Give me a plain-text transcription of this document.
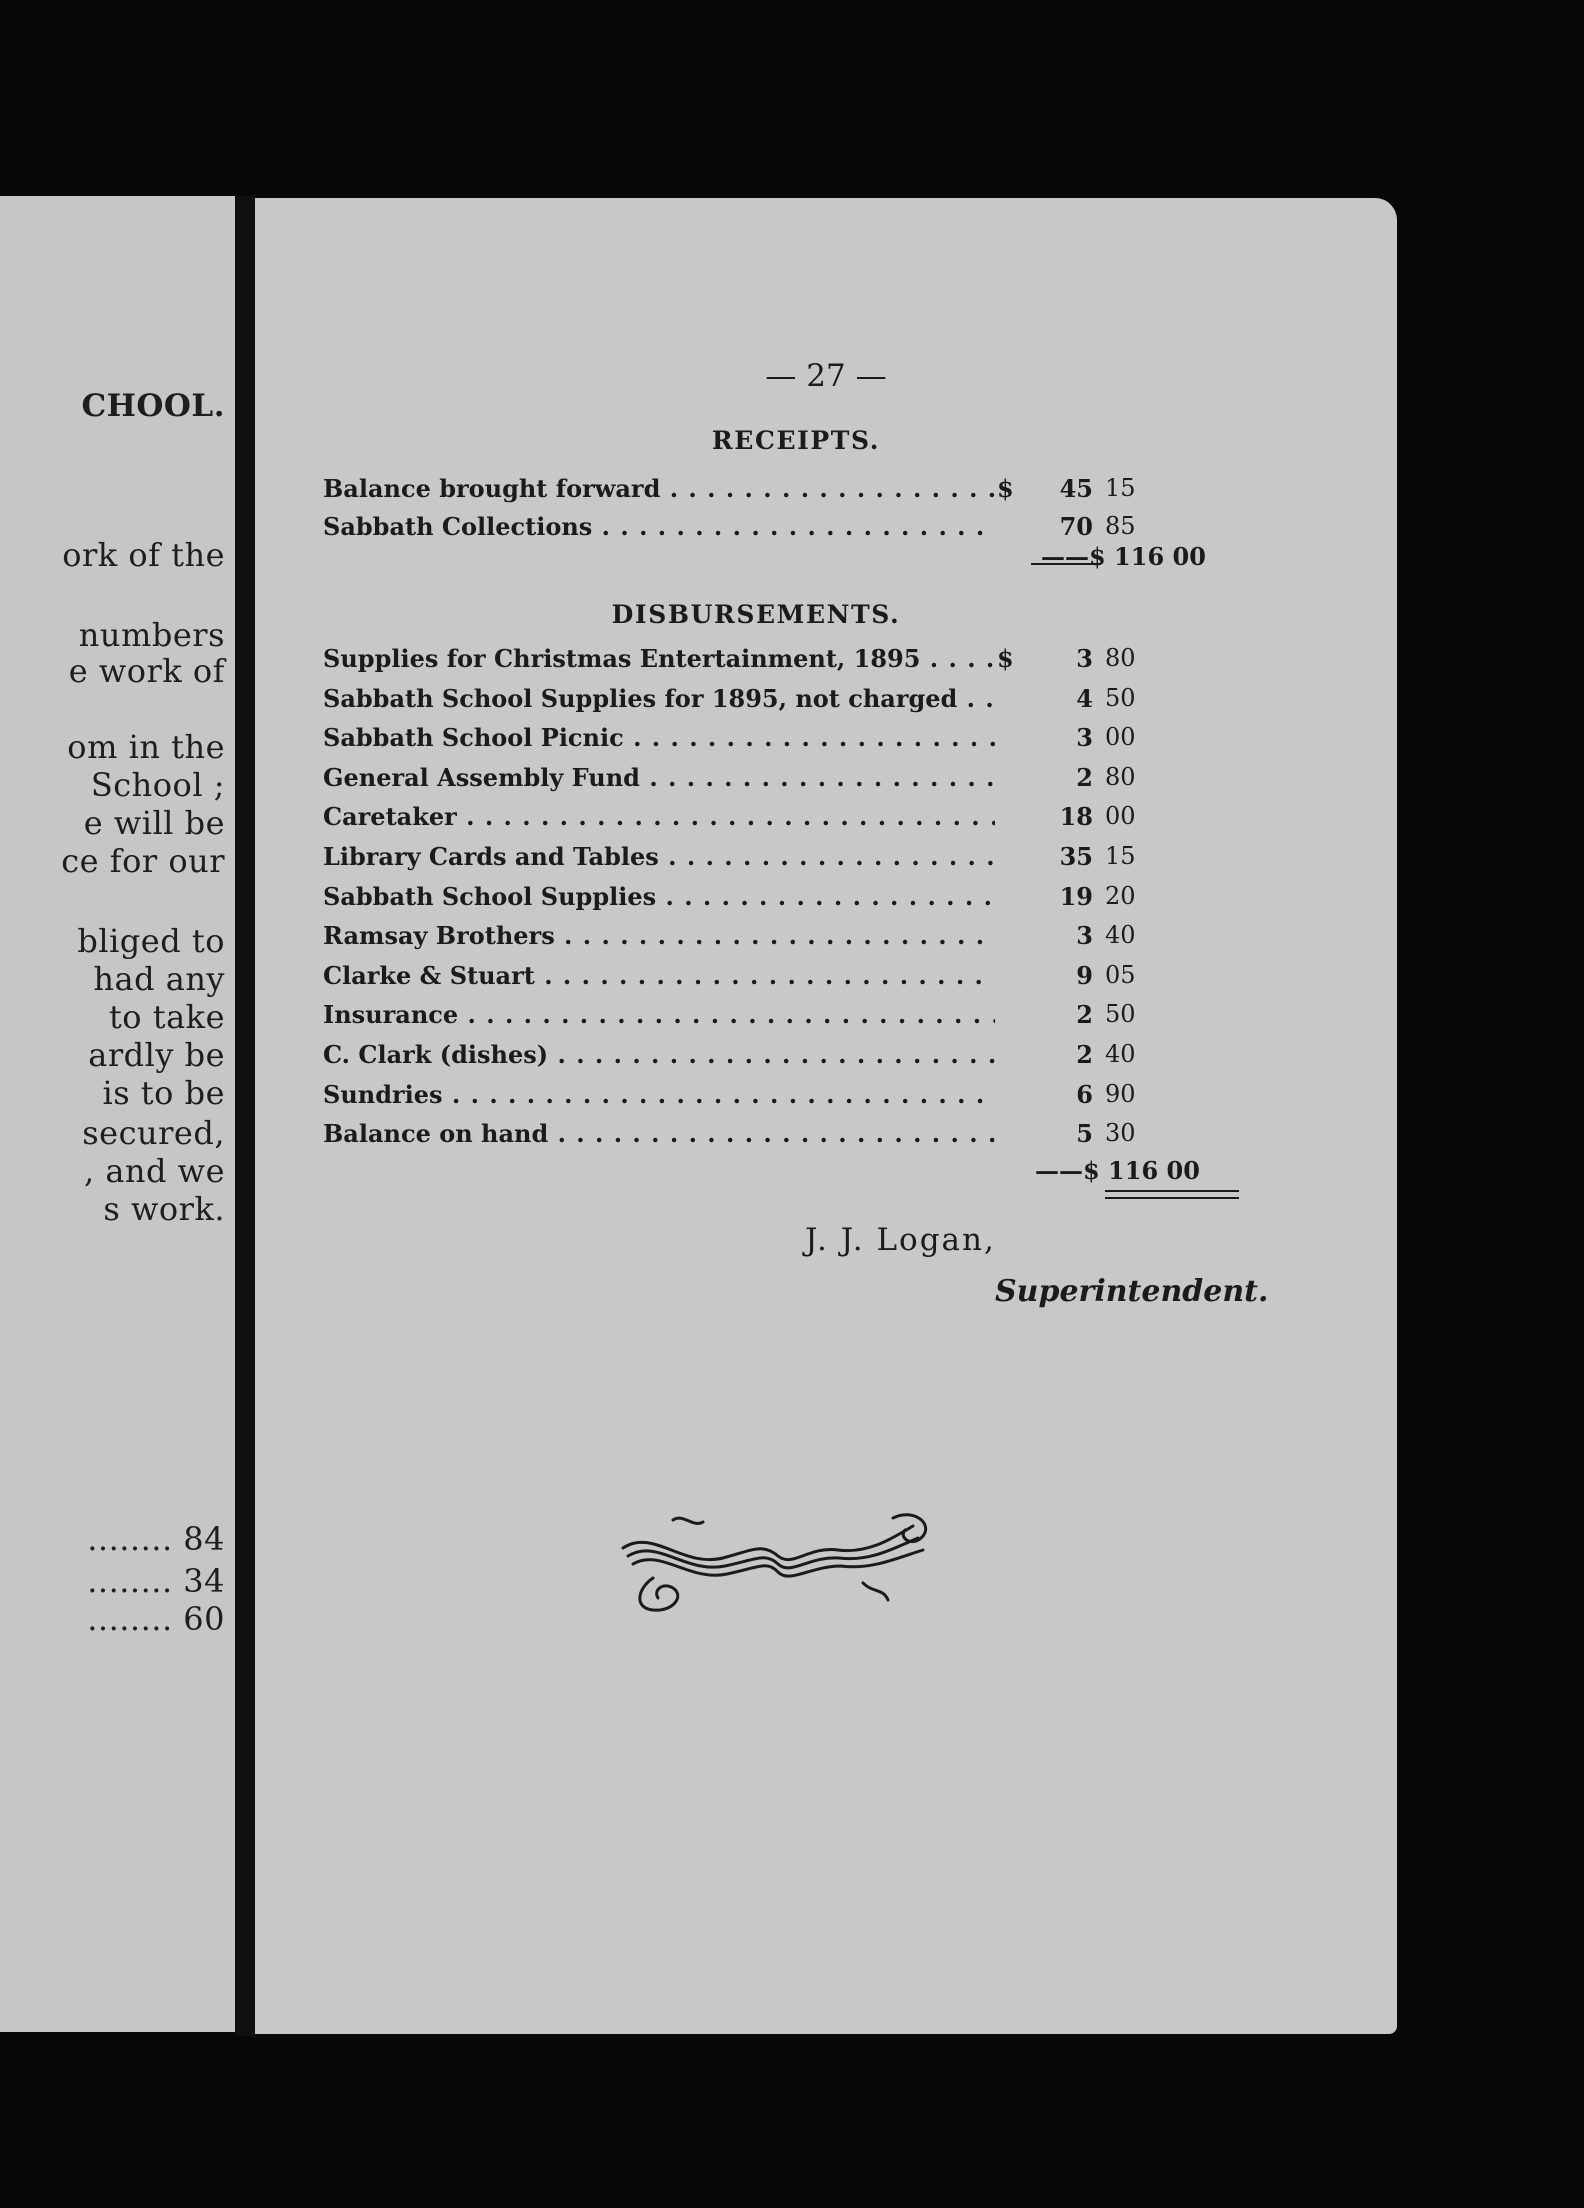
CHOOL.
ork of the
numbers
e work of
om in the
School ;
e will be
ce for our
bliged to
had any
to take
ardly be
is to be
secured,
, and we
s work.
........ 84
........ 34
........ 60
— 27 —
RECEIPTS.
Balance brought forward . . .	$	45 15
Sabbath Collections . . .	70 85
——$ 116 00
DISBURSEMENTS.
Supplies for Christmas Entertainment, 1895 . . .	$	3 80
Sabbath School Supplies for 1895, not charged . . .	4 50
Sabbath School Picnic . . .	3 00
General Assembly Fund . . .	2 80
Caretaker . . .	18 00
Library Cards and Tables . . .	35 15
Sabbath School Supplies . . .	19 20
Ramsay Brothers . . .	3 40
Clarke & Stuart . . .	9 05
Insurance . . .	2 50
C. Clark (dishes) . . .	2 40
Sundries . . .	6 90
Balance on hand . . .	5 30
——$ 116 00
J. J. Logan,
Superintendent.
